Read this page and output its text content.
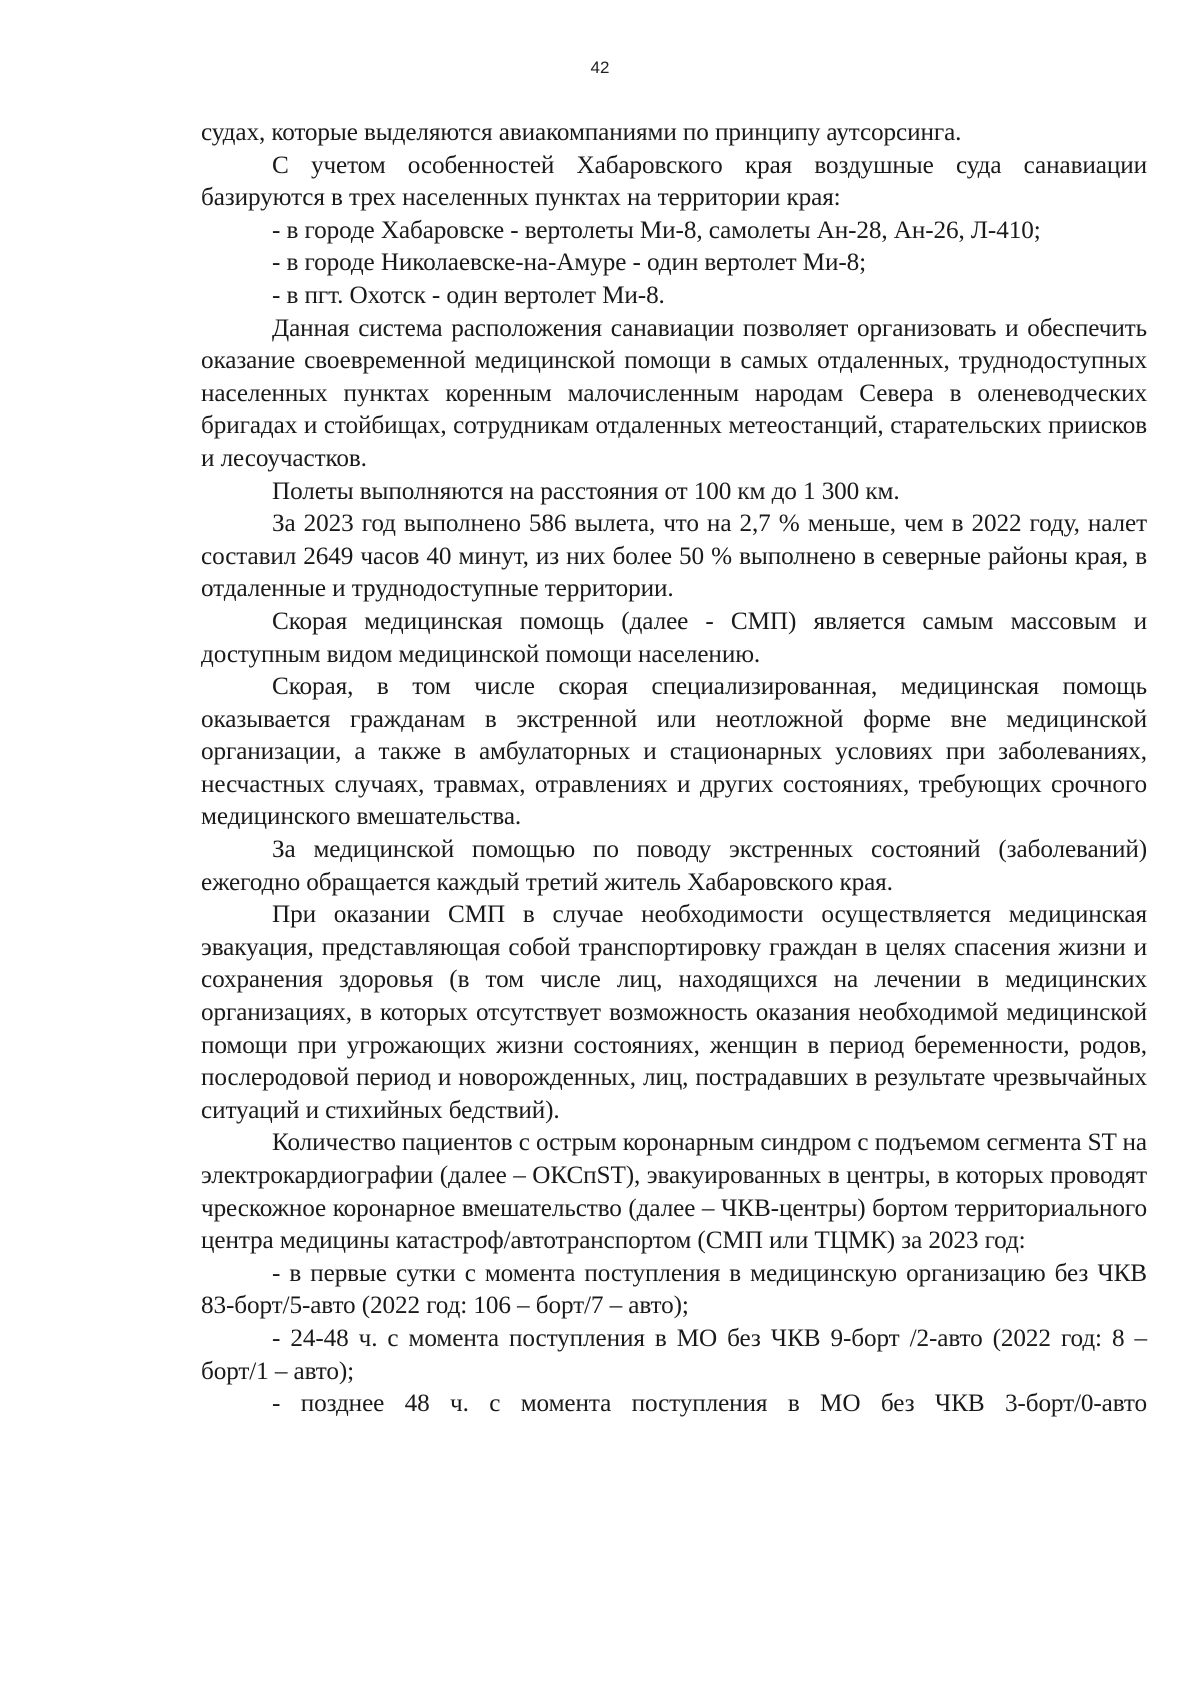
42

судах, которые выделяются авиакомпаниями по принципу аутсорсинга.

С учетом особенностей Хабаровского края воздушные суда санавиации базируются в трех населенных пунктах на территории края:

- в городе Хабаровске - вертолеты Ми-8, самолеты Ан-28, Ан-26, Л-410;

- в городе Николаевске-на-Амуре - один вертолет Ми-8;

- в пгт. Охотск - один вертолет Ми-8.

Данная система расположения санавиации позволяет организовать и обеспечить оказание своевременной медицинской помощи в самых отдаленных, труднодоступных населенных пунктах коренным малочисленным народам Севера в оленеводческих бригадах и стойбищах, сотрудникам отдаленных метеостанций, старательских приисков и лесоучастков.

Полеты выполняются на расстояния от 100 км до 1 300 км.

За 2023 год выполнено 586 вылета, что на 2,7 % меньше, чем в 2022 году, налет составил 2649 часов 40 минут, из них более 50 % выполнено в северные районы края, в отдаленные и труднодоступные территории.

Скорая медицинская помощь (далее - СМП) является самым массовым и доступным видом медицинской помощи населению.

Скорая, в том числе скорая специализированная, медицинская помощь оказывается гражданам в экстренной или неотложной форме вне медицинской организации, а также в амбулаторных и стационарных условиях при заболеваниях, несчастных случаях, травмах, отравлениях и других состояниях, требующих срочного медицинского вмешательства.

За медицинской помощью по поводу экстренных состояний (заболеваний) ежегодно обращается каждый третий житель Хабаровского края.

При оказании СМП в случае необходимости осуществляется медицинская эвакуация, представляющая собой транспортировку граждан в целях спасения жизни и сохранения здоровья (в том числе лиц, находящихся на лечении в медицинских организациях, в которых отсутствует возможность оказания необходимой медицинской помощи при угрожающих жизни состояниях, женщин в период беременности, родов, послеродовой период и новорожденных, лиц, пострадавших в результате чрезвычайных ситуаций и стихийных бедствий).

Количество пациентов с острым коронарным синдром с подъемом сегмента ST на электрокардиографии (далее – ОКСпST), эвакуированных в центры, в которых проводят чрескожное коронарное вмешательство (далее – ЧКВ-центры) бортом территориального центра медицины катастроф/автотранспортом (СМП или ТЦМК) за 2023 год:

- в первые сутки с момента поступления в медицинскую организацию без ЧКВ 83-борт/5-авто (2022 год: 106 – борт/7 – авто);

- 24-48 ч. с момента поступления в МО без ЧКВ 9-борт /2-авто (2022 год: 8 – борт/1 – авто);

- позднее 48 ч. с момента поступления в МО без ЧКВ 3-борт/0-авто
